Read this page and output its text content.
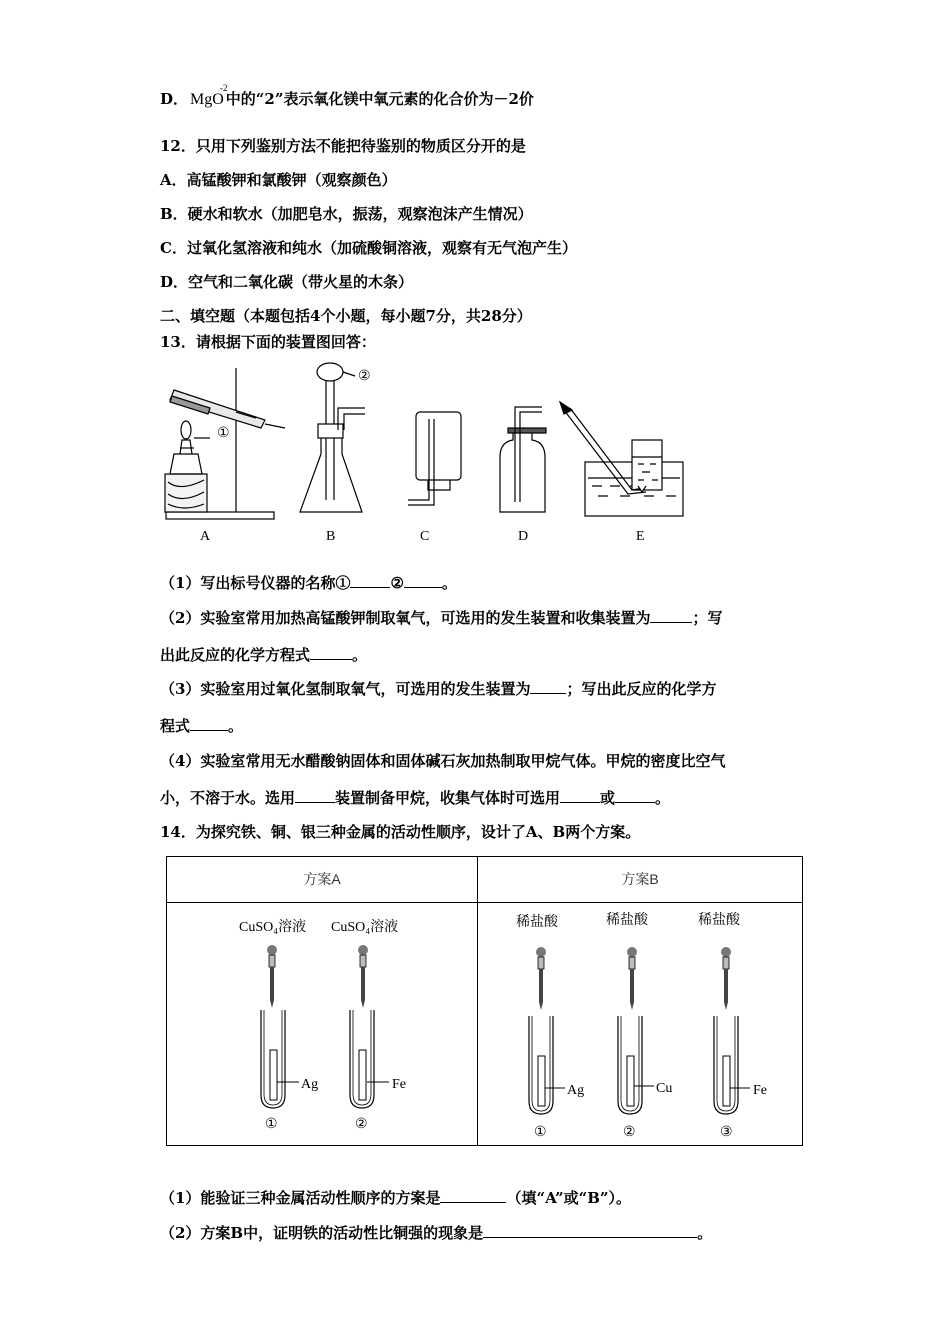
D． MgO
-2
中的“2”表示氧化镁中氧元素的化合价为－2价
12．只用下列鉴别方法不能把待鉴别的物质区分开的是
A．高锰酸钾和氯酸钾（观察颜色）
B．硬水和软水（加肥皂水，振荡，观察泡沫产生情况）
C．过氧化氢溶液和纯水（加硫酸铜溶液，观察有无气泡产生）
D．空气和二氧化碳（带火星的木条）
二、填空题（本题包括4个小题，每小题7分，共28分）
13．请根据下面的装置图回答：
①
②
A	B	C	D	E
（1）写出标号仪器的名称①	②	。
（2）实验室常用加热高锰酸钾制取氧气，可选用的发生装置和收集装置为	；写
出此反应的化学方程式	。
（3）实验室用过氧化氢制取氧气，可选用的发生装置为 ；写出此反应的化学方
程式	。
（4）实验室常用无水醋酸钠固体和固体碱石灰加热制取甲烷气体。甲烷的密度比空气
小，不溶于水。选用	装置制备甲烷，收集气体时可选用	或	。
14．为探究铁、铜、银三种金属的活动性顺序，设计了A、B两个方案。
方案A	方案B

CuSO₄溶液 CuSO₄溶液
Ag	Fe
①	②
稀盐酸	稀盐酸	稀盐酸
Ag	Cu	Fe
①	②	③
（1）能验证三种金属活动性顺序的方案是	（填“A”或“B”）。
（2）方案B中，证明铁的活动性比铜强的现象是	。
